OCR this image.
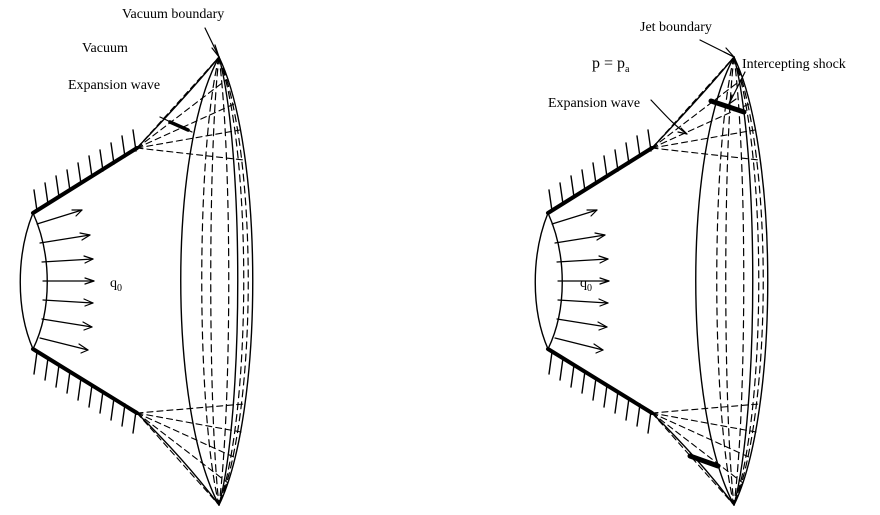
Vacuum boundary
Vacuum
Expansion wave
$q_0$
Jet boundary
Intercepting shock
$p = p_a$
Expansion wave
$q_0$
